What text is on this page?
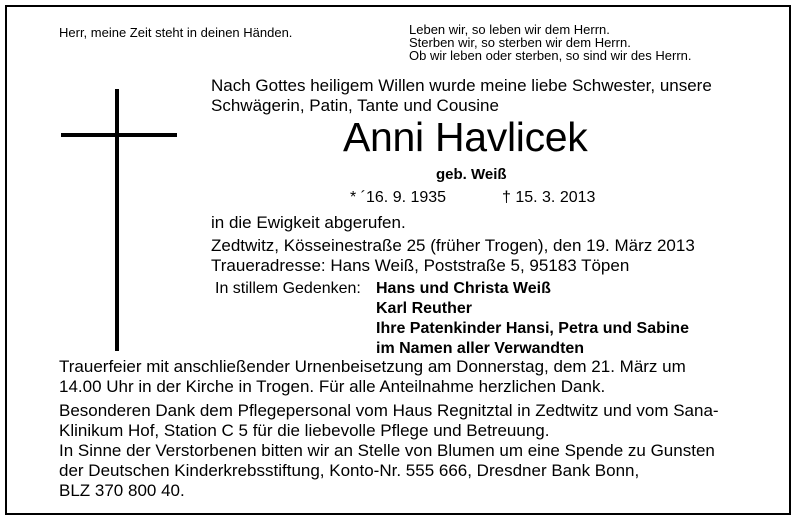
Herr, meine Zeit steht in deinen Händen.	Leben wir, so leben wir dem Herrn.
Sterben wir, so sterben wir dem Herrn.
Ob wir leben oder sterben, so sind wir des Herrn.
Nach Gottes heiligem Willen wurde meine liebe Schwester, unsere
Schwägerin, Patin, Tante und Cousine
Anni Havlicek
geb. Weiß
* ´16. 9. 1935	† 15. 3. 2013
in die Ewigkeit abgerufen.
Zedtwitz, Kösseinestraße 25 (früher Trogen), den 19. März 2013
Traueradresse: Hans Weiß, Poststraße 5, 95183 Töpen
In stillem Gedenken: Hans und Christa Weiß
Karl Reuther
Ihre Patenkinder Hansi, Petra und Sabine
im Namen aller Verwandten
Trauerfeier mit anschließender Urnenbeisetzung am Donnerstag, dem 21. März um
14.00 Uhr in der Kirche in Trogen. Für alle Anteilnahme herzlichen Dank.
Besonderen Dank dem Pflegepersonal vom Haus Regnitztal in Zedtwitz und vom Sana-
Klinikum Hof, Station C 5 für die liebevolle Pflege und Betreuung.
In Sinne der Verstorbenen bitten wir an Stelle von Blumen um eine Spende zu Gunsten
der Deutschen Kinderkrebsstiftung, Konto-Nr. 555 666, Dresdner Bank Bonn,
BLZ 370 800 40.
